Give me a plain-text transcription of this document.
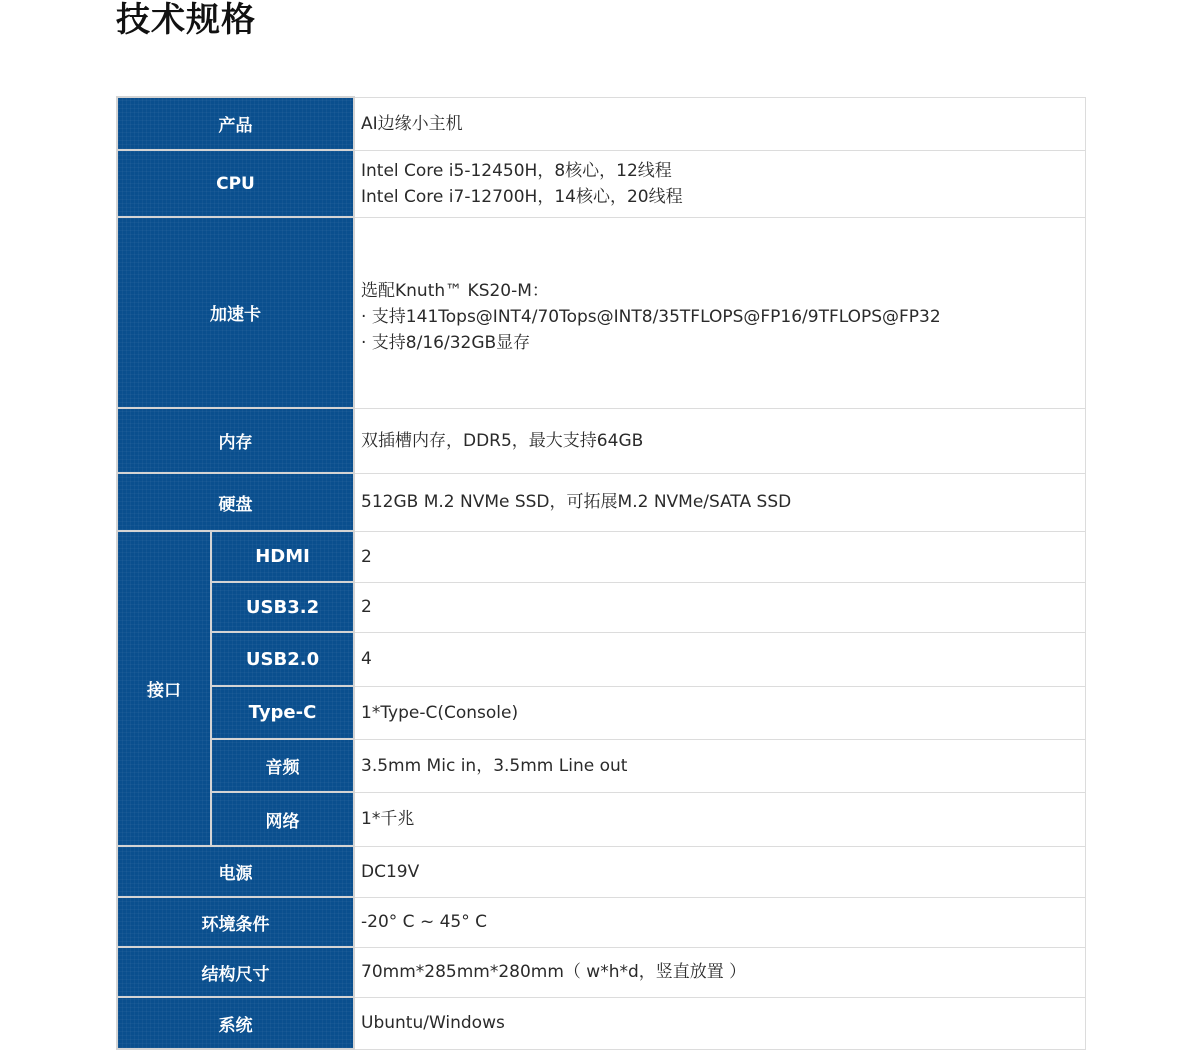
技术规格
产品		AI边缘小主机
CPU		Intel Core i5-12450H，8核心，12线程
Intel Core i7-12700H，14核心，20线程

加速卡		选配Knuth™ KS20-M：
· 支持141Tops@INT4/70Tops@INT8/35TFLOPS@FP16/9TFLOPS@FP32
· 支持8/16/32GB显存

内存		双插槽内存，DDR5，最大支持64GB
硬盘		512GB M.2 NVMe SSD，可拓展M.2 NVMe/SATA SSD
接口	HDMI	2
	USB3.2	2
	USB2.0	4
	Type-C	1*Type-C(Console)
	音频	3.5mm Mic in，3.5mm Line out
	网络	1*千兆
电源		DC19V
环境条件		-20° C ~ 45° C
结构尺寸		70mm*285mm*280mm（ w*h*d，竖直放置 ）
系统		Ubuntu/Windows
